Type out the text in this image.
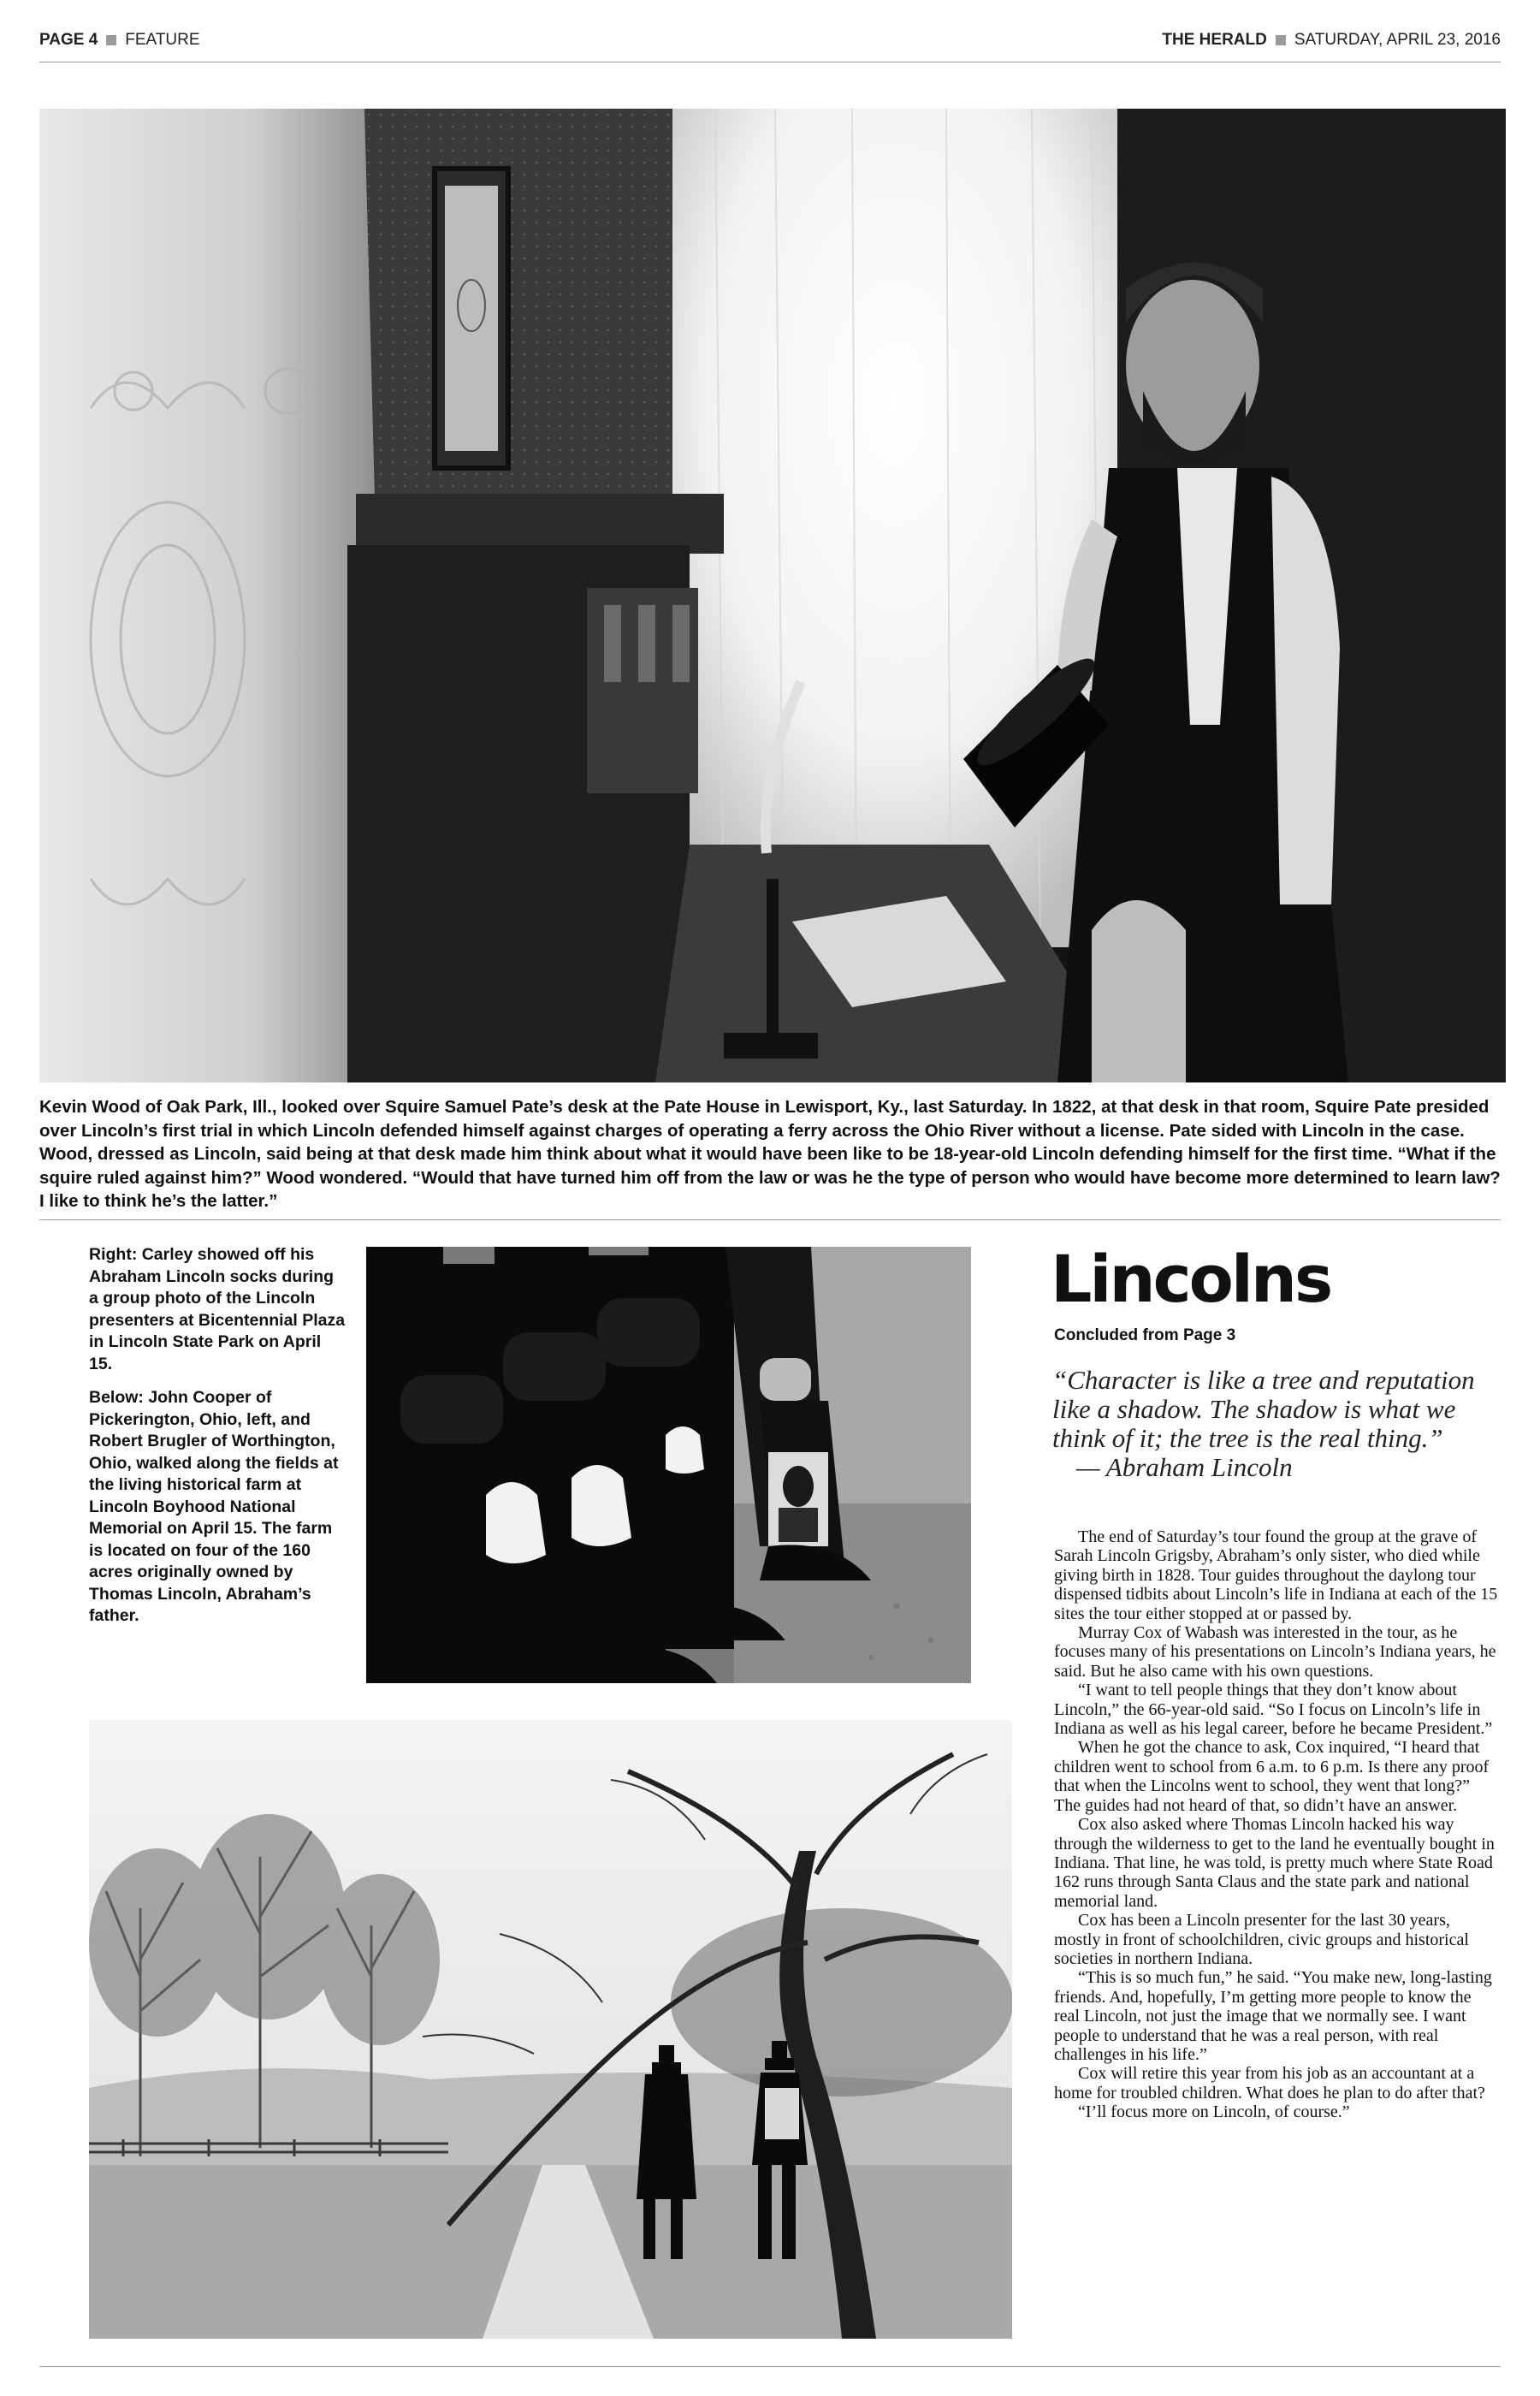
PAGE 4 FEATURE	THE HERALD SATURDAY, APRIL 23, 2016
Kevin Wood of Oak Park, Ill., looked over Squire Samuel Pate’s desk at the Pate House in Lewisport, Ky., last Saturday. In 1822, at that desk in that room, Squire Pate presided over Lincoln’s first trial in which Lincoln defended himself against charges of operating a ferry across the Ohio River without a license. Pate sided with Lincoln in the case. Wood, dressed as Lincoln, said being at that desk made him think about what it would have been like to be 18-year-old Lincoln defending himself for the first time. “What if the squire ruled against him?” Wood wondered. “Would that have turned him off from the law or was he the type of person who would have become more determined to learn law? I like to think he’s the latter.”

Right: Carley showed off his Abraham Lincoln socks during a group photo of the Lincoln presenters at Bicentennial Plaza in Lincoln State Park on April 15.

Below: John Cooper of Pickerington, Ohio, left, and Robert Brugler of Worthington, Ohio, walked along the fields at the living historical farm at Lincoln Boyhood National Memorial on April 15. The farm is located on four of the 160 acres originally owned by Thomas Lincoln, Abraham’s father.

Lincolns
Concluded from Page 3
“Character is like a tree and reputation like a shadow. The shadow is what we think of it; the tree is the real thing.”
— Abraham Lincoln

The end of Saturday’s tour found the group at the grave of Sarah Lincoln Grigsby, Abraham’s only sister, who died while giving birth in 1828. Tour guides throughout the daylong tour dispensed tidbits about Lincoln’s life in Indiana at each of the 15 sites the tour either stopped at or passed by.

Murray Cox of Wabash was interested in the tour, as he focuses many of his presentations on Lincoln’s Indiana years, he said. But he also came with his own questions.

“I want to tell people things that they don’t know about Lincoln,” the 66-year-old said. “So I focus on Lincoln’s life in Indiana as well as his legal career, before he became President.”

When he got the chance to ask, Cox inquired, “I heard that children went to school from 6 a.m. to 6 p.m. Is there any proof that when the Lincolns went to school, they went that long?” The guides had not heard of that, so didn’t have an answer.

Cox also asked where Thomas Lincoln hacked his way through the wilderness to get to the land he eventually bought in Indiana. That line, he was told, is pretty much where State Road 162 runs through Santa Claus and the state park and national memorial land.

Cox has been a Lincoln presenter for the last 30 years, mostly in front of schoolchildren, civic groups and historical societies in northern Indiana.

“This is so much fun,” he said. “You make new, long-lasting friends. And, hopefully, I’m getting more people to know the real Lincoln, not just the image that we normally see. I want people to understand that he was a real person, with real challenges in his life.”

Cox will retire this year from his job as an accountant at a home for troubled children. What does he plan to do after that?

“I’ll focus more on Lincoln, of course.”
